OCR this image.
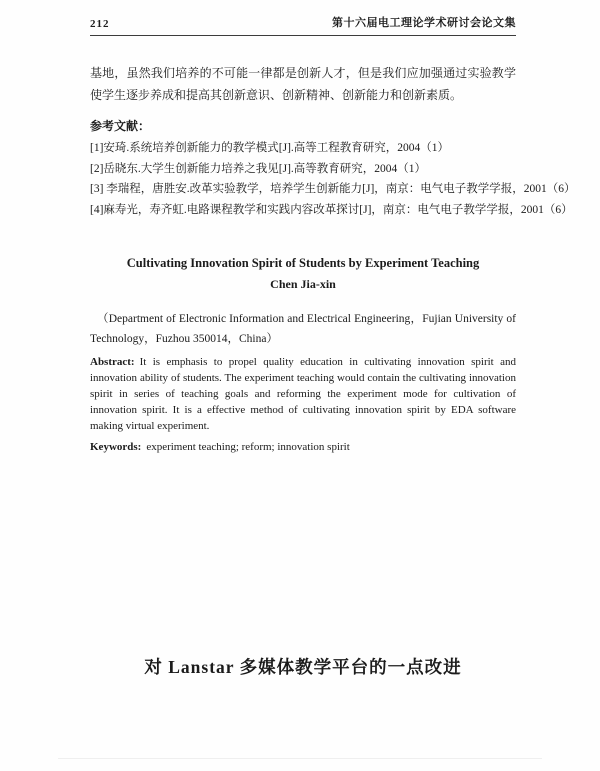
212	第十六届电工理论学术研讨会论文集

基地，虽然我们培养的不可能一律都是创新人才，但是我们应加强通过实验教学使学生逐步养成和提高其创新意识、创新精神、创新能力和创新素质。

参考文献：

[1]安琦.系统培养创新能力的教学模式[J].高等工程教育研究，2004（1）

[2]岳晓东.大学生创新能力培养之我见[J].高等教育研究，2004（1）

[3] 李瑞程，唐胜安.改革实验教学，培养学生创新能力[J]，南京：电气电子教学学报，2001（6）

[4]麻寿光，寿齐虹.电路课程教学和实践内容改革探讨[J]，南京：电气电子教学学报，2001（6）

Cultivating Innovation Spirit of Students by Experiment Teaching

Chen Jia-xin

（Department of Electronic Information and Electrical Engineering，Fujian University of Technology，Fuzhou 350014，China）

Abstract: It is emphasis to propel quality education in cultivating innovation spirit and innovation ability of students. The experiment teaching would contain the cultivating innovation spirit in series of teaching goals and reforming the experiment mode for cultivation of innovation spirit. It is a effective method of cultivating innovation spirit by EDA software making virtual experiment.

Keywords: experiment teaching; reform; innovation spirit

对 Lanstar 多媒体教学平台的一点改进
